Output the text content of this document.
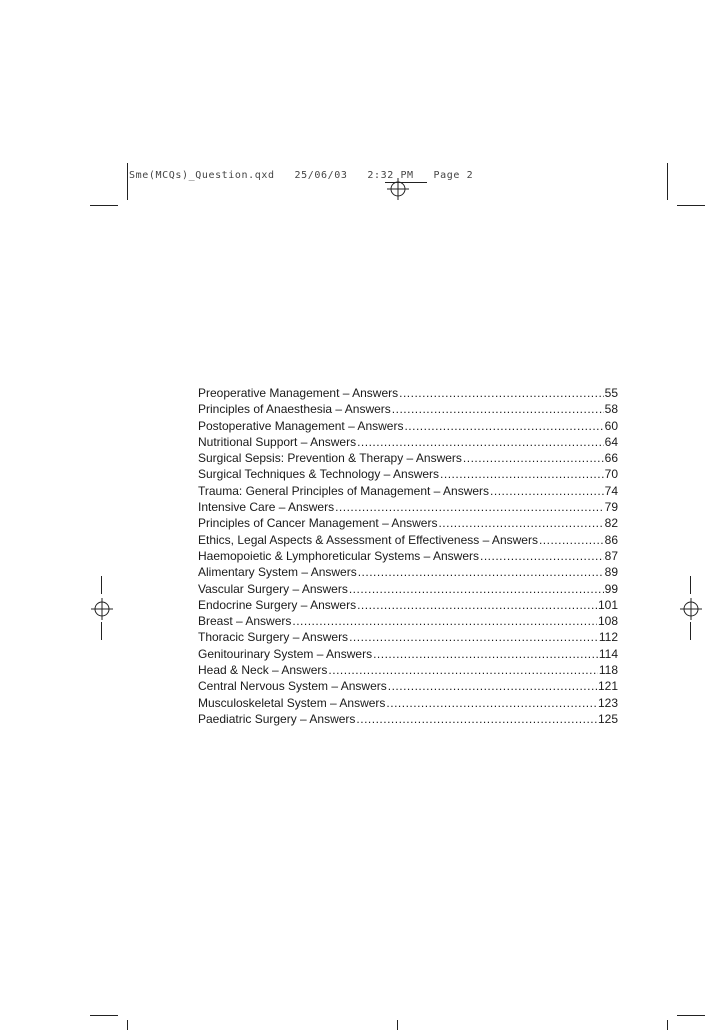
Sme(MCQs)_Question.qxd   25/06/03   2:32 PM   Page 2
Preoperative Management – Answers .....	55
Principles of Anaesthesia – Answers .....	58
Postoperative Management – Answers .....	60
Nutritional Support – Answers .....	64
Surgical Sepsis: Prevention & Therapy – Answers .....	66
Surgical Techniques & Technology – Answers .....	70
Trauma: General Principles of Management – Answers .....	74
Intensive Care – Answers .....	79
Principles of Cancer Management – Answers .....	82
Ethics, Legal Aspects & Assessment of Effectiveness – Answers .....	86
Haemopoietic & Lymphoreticular Systems – Answers .....	87
Alimentary System – Answers .....	89
Vascular Surgery – Answers .....	99
Endocrine Surgery – Answers .....	101
Breast – Answers .....	108
Thoracic Surgery – Answers .....	112
Genitourinary System – Answers .....	114
Head & Neck – Answers .....	118
Central Nervous System – Answers .....	121
Musculoskeletal System – Answers .....	123
Paediatric Surgery – Answers .....	125
